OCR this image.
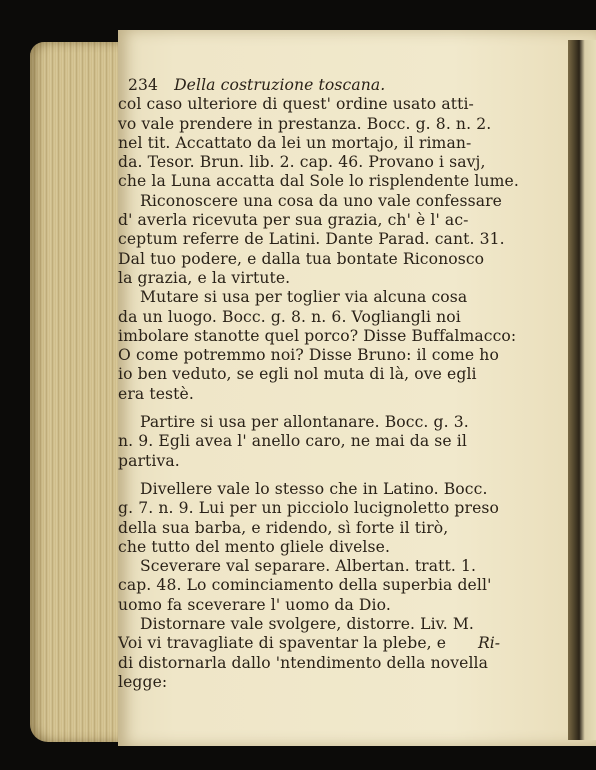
234 Della costruzione toscana.
col caso ulteriore di quest' ordine usato atti-
vo vale prendere in prestanza. Bocc. g. 8. n. 2.
nel tit. Accattato da lei un mortajo, il riman-
da. Tesor. Brun. lib. 2. cap. 46. Provano i savj,
che la Luna accatta dal Sole lo risplendente lume.
Riconoscere una cosa da uno vale confessare
d' averla ricevuta per sua grazia, ch' è l' ac-
ceptum referre de Latini. Dante Parad. cant. 31.
Dal tuo podere, e dalla tua bontate Riconosco
la grazia, e la virtute.
Mutare si usa per toglier via alcuna cosa
da un luogo. Bocc. g. 8. n. 6. Vogliangli noi
imbolare stanotte quel porco? Disse Buffalmacco:
O come potremmo noi? Disse Bruno: il come ho
io ben veduto, se egli nol muta di là, ove egli
era testè.
Partire si usa per allontanare. Bocc. g. 3.
n. 9. Egli avea l' anello caro, ne mai da se il
partiva.
Divellere vale lo stesso che in Latino. Bocc.
g. 7. n. 9. Lui per un picciolo lucignoletto preso
della sua barba, e ridendo, sì forte il tirò,
che tutto del mento gliele divelse.
Sceverare val separare. Albertan. tratt. 1.
cap. 48. Lo cominciamento della superbia dell'
uomo fa sceverare l' uomo da Dio.
Distornare vale svolgere, distorre. Liv. M.
Voi vi travagliate di spaventar la plebe, e
di distornarla dallo 'ntendimento della novella
legge:
Ri-
